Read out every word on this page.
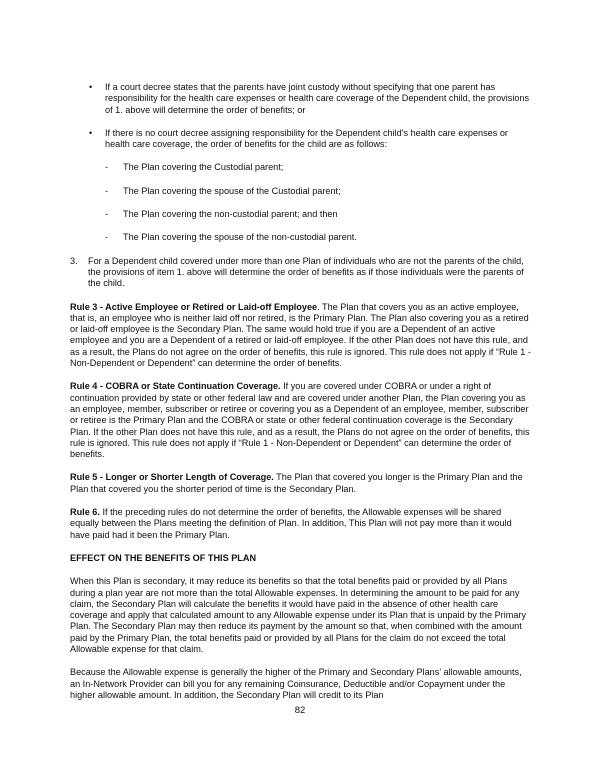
• If a court decree states that the parents have joint custody without specifying that one parent has responsibility for the health care expenses or health care coverage of the Dependent child, the provisions of 1. above will determine the order of benefits; or
• If there is no court decree assigning responsibility for the Dependent child's health care expenses or health care coverage, the order of benefits for the child are as follows:
- The Plan covering the Custodial parent;
- The Plan covering the spouse of the Custodial parent;
- The Plan covering the non-custodial parent; and then
- The Plan covering the spouse of the non-custodial parent.
3. For a Dependent child covered under more than one Plan of individuals who are not the parents of the child, the provisions of item 1. above will determine the order of benefits as if those individuals were the parents of the child.

Rule 3 - Active Employee or Retired or Laid-off Employee. The Plan that covers you as an active employee, that is, an employee who is neither laid off nor retired, is the Primary Plan. The Plan also covering you as a retired or laid-off employee is the Secondary Plan. The same would hold true if you are a Dependent of an active employee and you are a Dependent of a retired or laid-off employee. If the other Plan does not have this rule, and as a result, the Plans do not agree on the order of benefits, this rule is ignored. This rule does not apply if “Rule 1 - Non-Dependent or Dependent” can determine the order of benefits.

Rule 4 - COBRA or State Continuation Coverage. If you are covered under COBRA or under a right of continuation provided by state or other federal law and are covered under another Plan, the Plan covering you as an employee, member, subscriber or retiree or covering you as a Dependent of an employee, member, subscriber or retiree is the Primary Plan and the COBRA or state or other federal continuation coverage is the Secondary Plan. If the other Plan does not have this rule, and as a result, the Plans do not agree on the order of benefits, this rule is ignored. This rule does not apply if “Rule 1 - Non-Dependent or Dependent” can determine the order of benefits.

Rule 5 - Longer or Shorter Length of Coverage. The Plan that covered you longer is the Primary Plan and the Plan that covered you the shorter period of time is the Secondary Plan.

Rule 6. If the preceding rules do not determine the order of benefits, the Allowable expenses will be shared equally between the Plans meeting the definition of Plan. In addition, This Plan will not pay more than it would have paid had it been the Primary Plan.

EFFECT ON THE BENEFITS OF THIS PLAN

When this Plan is secondary, it may reduce its benefits so that the total benefits paid or provided by all Plans during a plan year are not more than the total Allowable expenses. In determining the amount to be paid for any claim, the Secondary Plan will calculate the benefits it would have paid in the absence of other health care coverage and apply that calculated amount to any Allowable expense under its Plan that is unpaid by the Primary Plan. The Secondary Plan may then reduce its payment by the amount so that, when combined with the amount paid by the Primary Plan, the total benefits paid or provided by all Plans for the claim do not exceed the total Allowable expense for that claim.

Because the Allowable expense is generally the higher of the Primary and Secondary Plans’ allowable amounts, an In-Network Provider can bill you for any remaining Coinsurance, Deductible and/or Copayment under the higher allowable amount. In addition, the Secondary Plan will credit to its Plan

82
